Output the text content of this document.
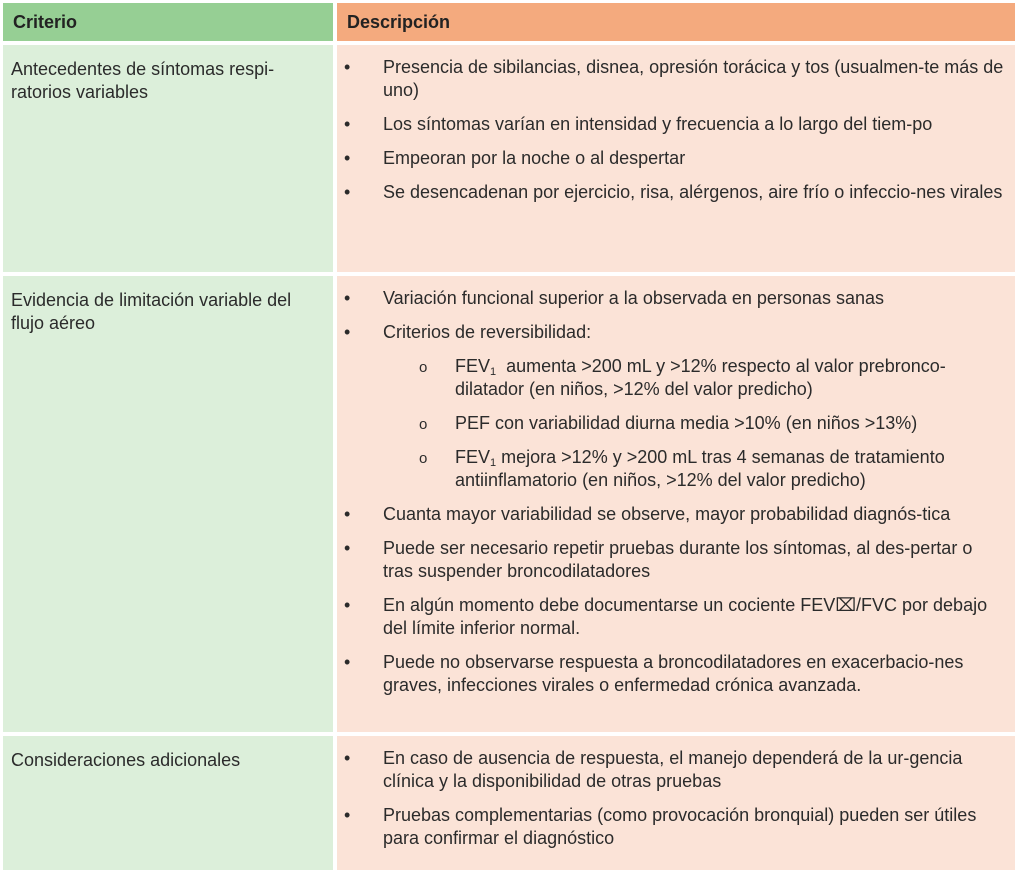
Criterio	Descripción
Antecedentes de síntomas respi-ratorios variables
• Presencia de sibilancias, disnea, opresión torácica y tos (usualmen-te más de uno)
• Los síntomas varían en intensidad y frecuencia a lo largo del tiem-po
• Empeoran por la noche o al despertar
• Se desencadenan por ejercicio, risa, alérgenos, aire frío o infeccio-nes virales
Evidencia de limitación variable del flujo aéreo
• Variación funcional superior a la observada en personas sanas
• Criterios de reversibilidad:
o $FEV_1$  aumenta >200 mL y >12% respecto al valor prebronco-dilatador (en niños, >12% del valor predicho)
o PEF con variabilidad diurna media >10% (en niños >13%)
o $FEV_1$ mejora >12% y >200 mL tras 4 semanas de tratamiento antiinflamatorio (en niños, >12% del valor predicho)
• Cuanta mayor variabilidad se observe, mayor probabilidad diagnós-tica
• Puede ser necesario repetir pruebas durante los síntomas, al des-pertar o tras suspender broncodilatadores
• En algún momento debe documentarse un cociente FEV⌧/FVC por debajo del límite inferior normal.
• Puede no observarse respuesta a broncodilatadores en exacerbacio-nes graves, infecciones virales o enfermedad crónica avanzada.
Consideraciones adicionales	• En caso de ausencia de respuesta, el manejo dependerá de la ur-gencia clínica y la disponibilidad de otras pruebas
• Pruebas complementarias (como provocación bronquial) pueden ser útiles para confirmar el diagnóstico
